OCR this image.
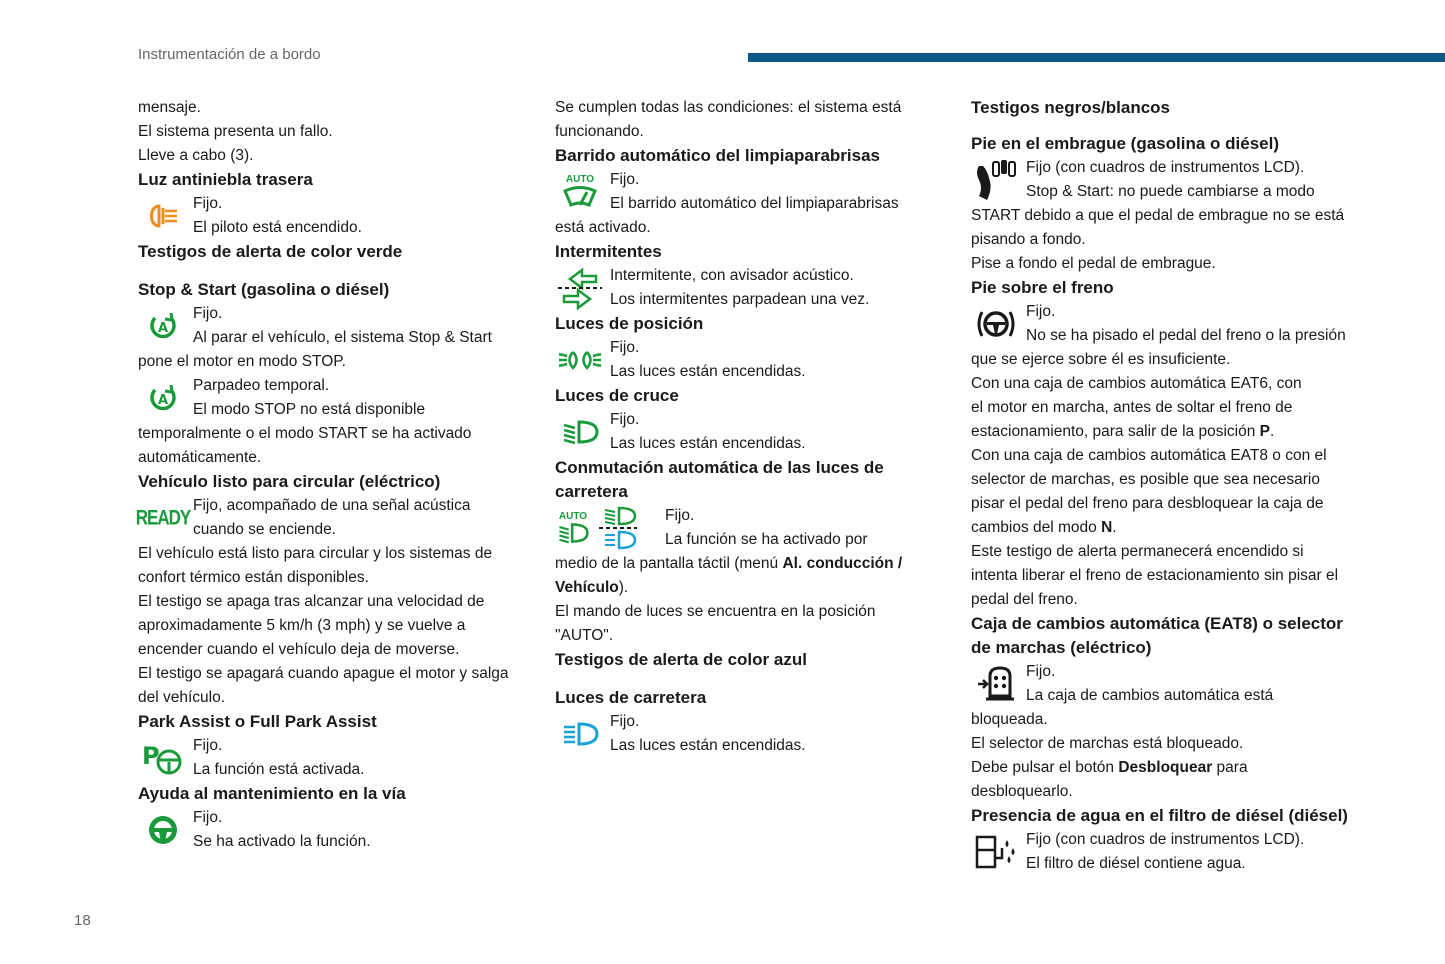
Instrumentación de a bordo
18

mensaje.

El sistema presenta un fallo.

Lleve a cabo (3).

Luz antiniebla trasera

Fijo.

El piloto está encendido.

Testigos de alerta de color verde

Stop & Start (gasolina o diésel)

A

Fijo.

Al parar el vehículo, el sistema Stop & Start

pone el motor en modo STOP.

A

Parpadeo temporal.

El modo STOP no está disponible

temporalmente o el modo START se ha activado

automáticamente.

Vehículo listo para circular (eléctrico)

READY Fijo, acompañado de una señal acústica

cuando se enciende.

El vehículo está listo para circular y los sistemas de

confort térmico están disponibles.

El testigo se apaga tras alcanzar una velocidad de

aproximadamente 5 km/h (3 mph) y se vuelve a

encender cuando el vehículo deja de moverse.

El testigo se apagará cuando apague el motor y salga

del vehículo.

Park Assist o Full Park Assist

P Fijo.

La función está activada.

Ayuda al mantenimiento en la vía

Fijo.

Se ha activado la función.

Se cumplen todas las condiciones: el sistema está

funcionando.

Barrido automático del limpiaparabrisas

AUTO	Fijo.

El barrido automático del limpiaparabrisas

está activado.

Intermitentes

Intermitente, con avisador acústico.

Los intermitentes parpadean una vez.

Luces de posición

Fijo.

Las luces están encendidas.

Luces de cruce

Fijo.

Las luces están encendidas.

Conmutación automática de las luces de

carretera

AUTO	Fijo.

La función se ha activado por

medio de la pantalla táctil (menú Al. conducción /

Vehículo).

El mando de luces se encuentra en la posición

"AUTO".

Testigos de alerta de color azul

Luces de carretera

Fijo.

Las luces están encendidas.

Testigos negros/blancos

Pie en el embrague (gasolina o diésel)

Fijo (con cuadros de instrumentos LCD).

Stop & Start: no puede cambiarse a modo

START debido a que el pedal de embrague no se está

pisando a fondo.

Pise a fondo el pedal de embrague.

Pie sobre el freno

Fijo.

No se ha pisado el pedal del freno o la presión

que se ejerce sobre él es insuficiente.

Con una caja de cambios automática EAT6, con

el motor en marcha, antes de soltar el freno de

estacionamiento, para salir de la posición P.

Con una caja de cambios automática EAT8 o con el

selector de marchas, es posible que sea necesario

pisar el pedal del freno para desbloquear la caja de

cambios del modo N.

Este testigo de alerta permanecerá encendido si

intenta liberar el freno de estacionamiento sin pisar el

pedal del freno.

Caja de cambios automática (EAT8) o selector

de marchas (eléctrico)

Fijo.

La caja de cambios automática está

bloqueada.

El selector de marchas está bloqueado.

Debe pulsar el botón Desbloquear para

desbloquearlo.

Presencia de agua en el filtro de diésel (diésel)

Fijo (con cuadros de instrumentos LCD).

El filtro de diésel contiene agua.
